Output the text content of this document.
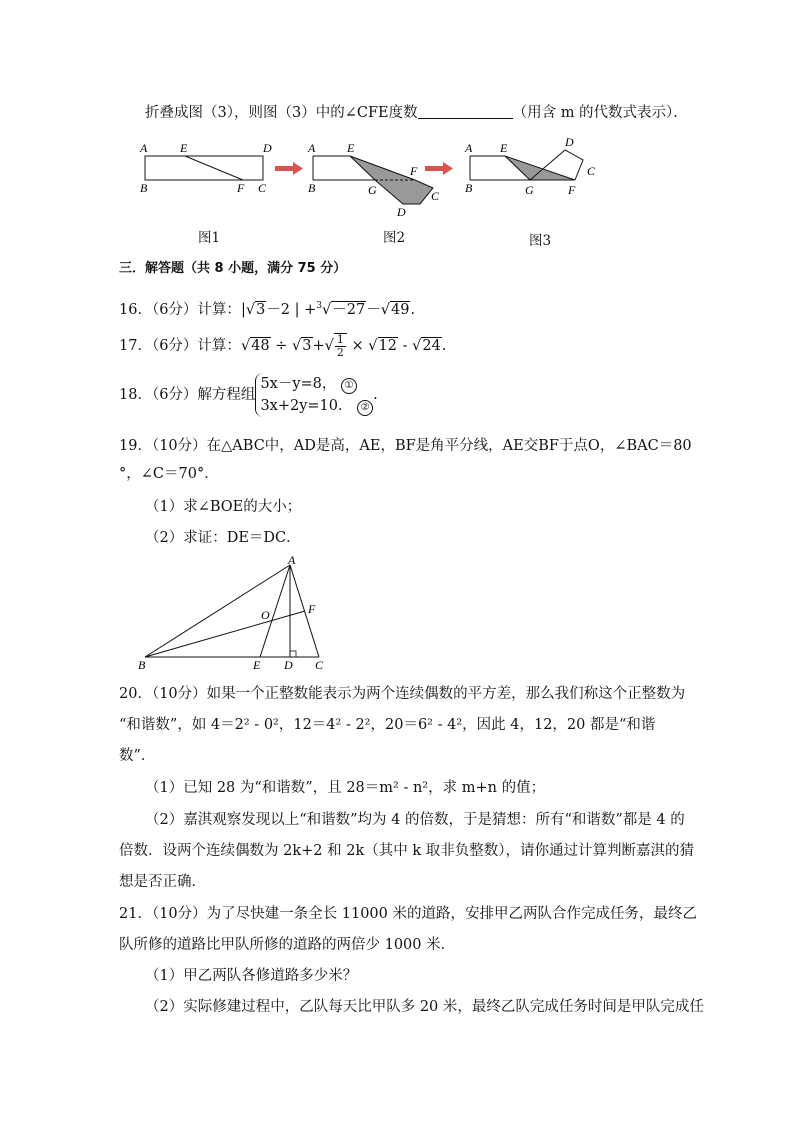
折叠成图（3），则图（3）中的∠CFE度数	（用含 m 的代数式表示）．
A	E	D
B	F C
A	E
F
B	G
D
C
A E	D
C
B	G	F
图1	图2	图3
三．解答题（共 8 小题，满分 75 分）
16．（6分）计算：|√3－2 | +$^3$√－27－√49.
17．（6分）计算：$√48 \div √3+√ \frac{1}{2} \times √12 - √24$.
18．（6分）解方程组5x－y=8， ①
3x+2y=10． ②.
19．（10分）在△ABC中，AD是高，AE，BF是角平分线，AE交BF于点O，∠BAC＝80
°，∠C＝70°．
（1）求∠BOE的大小；
（2）求证：DE＝DC．
A
O	F
B	E D C
20．（10分）如果一个正整数能表示为两个连续偶数的平方差，那么我们称这个正整数为
“和谐数”，如 4＝2² - 0²，12＝4² - 2²，20＝6² - 4²，因此 4，12，20 都是“和谐
数”．
（1）已知 28 为“和谐数”，且 28＝m² - n²，求 m+n 的值；
（2）嘉淇观察发现以上“和谐数”均为 4 的倍数，于是猜想：所有“和谐数”都是 4 的
倍数．设两个连续偶数为 2k+2 和 2k（其中 k 取非负整数），请你通过计算判断嘉淇的猜
想是否正确．
21．（10分）为了尽快建一条全长 11000 米的道路，安排甲乙两队合作完成任务，最终乙
队所修的道路比甲队所修的道路的两倍少 1000 米．
（1）甲乙两队各修道路多少米？
（2）实际修建过程中，乙队每天比甲队多 20 米，最终乙队完成任务时间是甲队完成任
